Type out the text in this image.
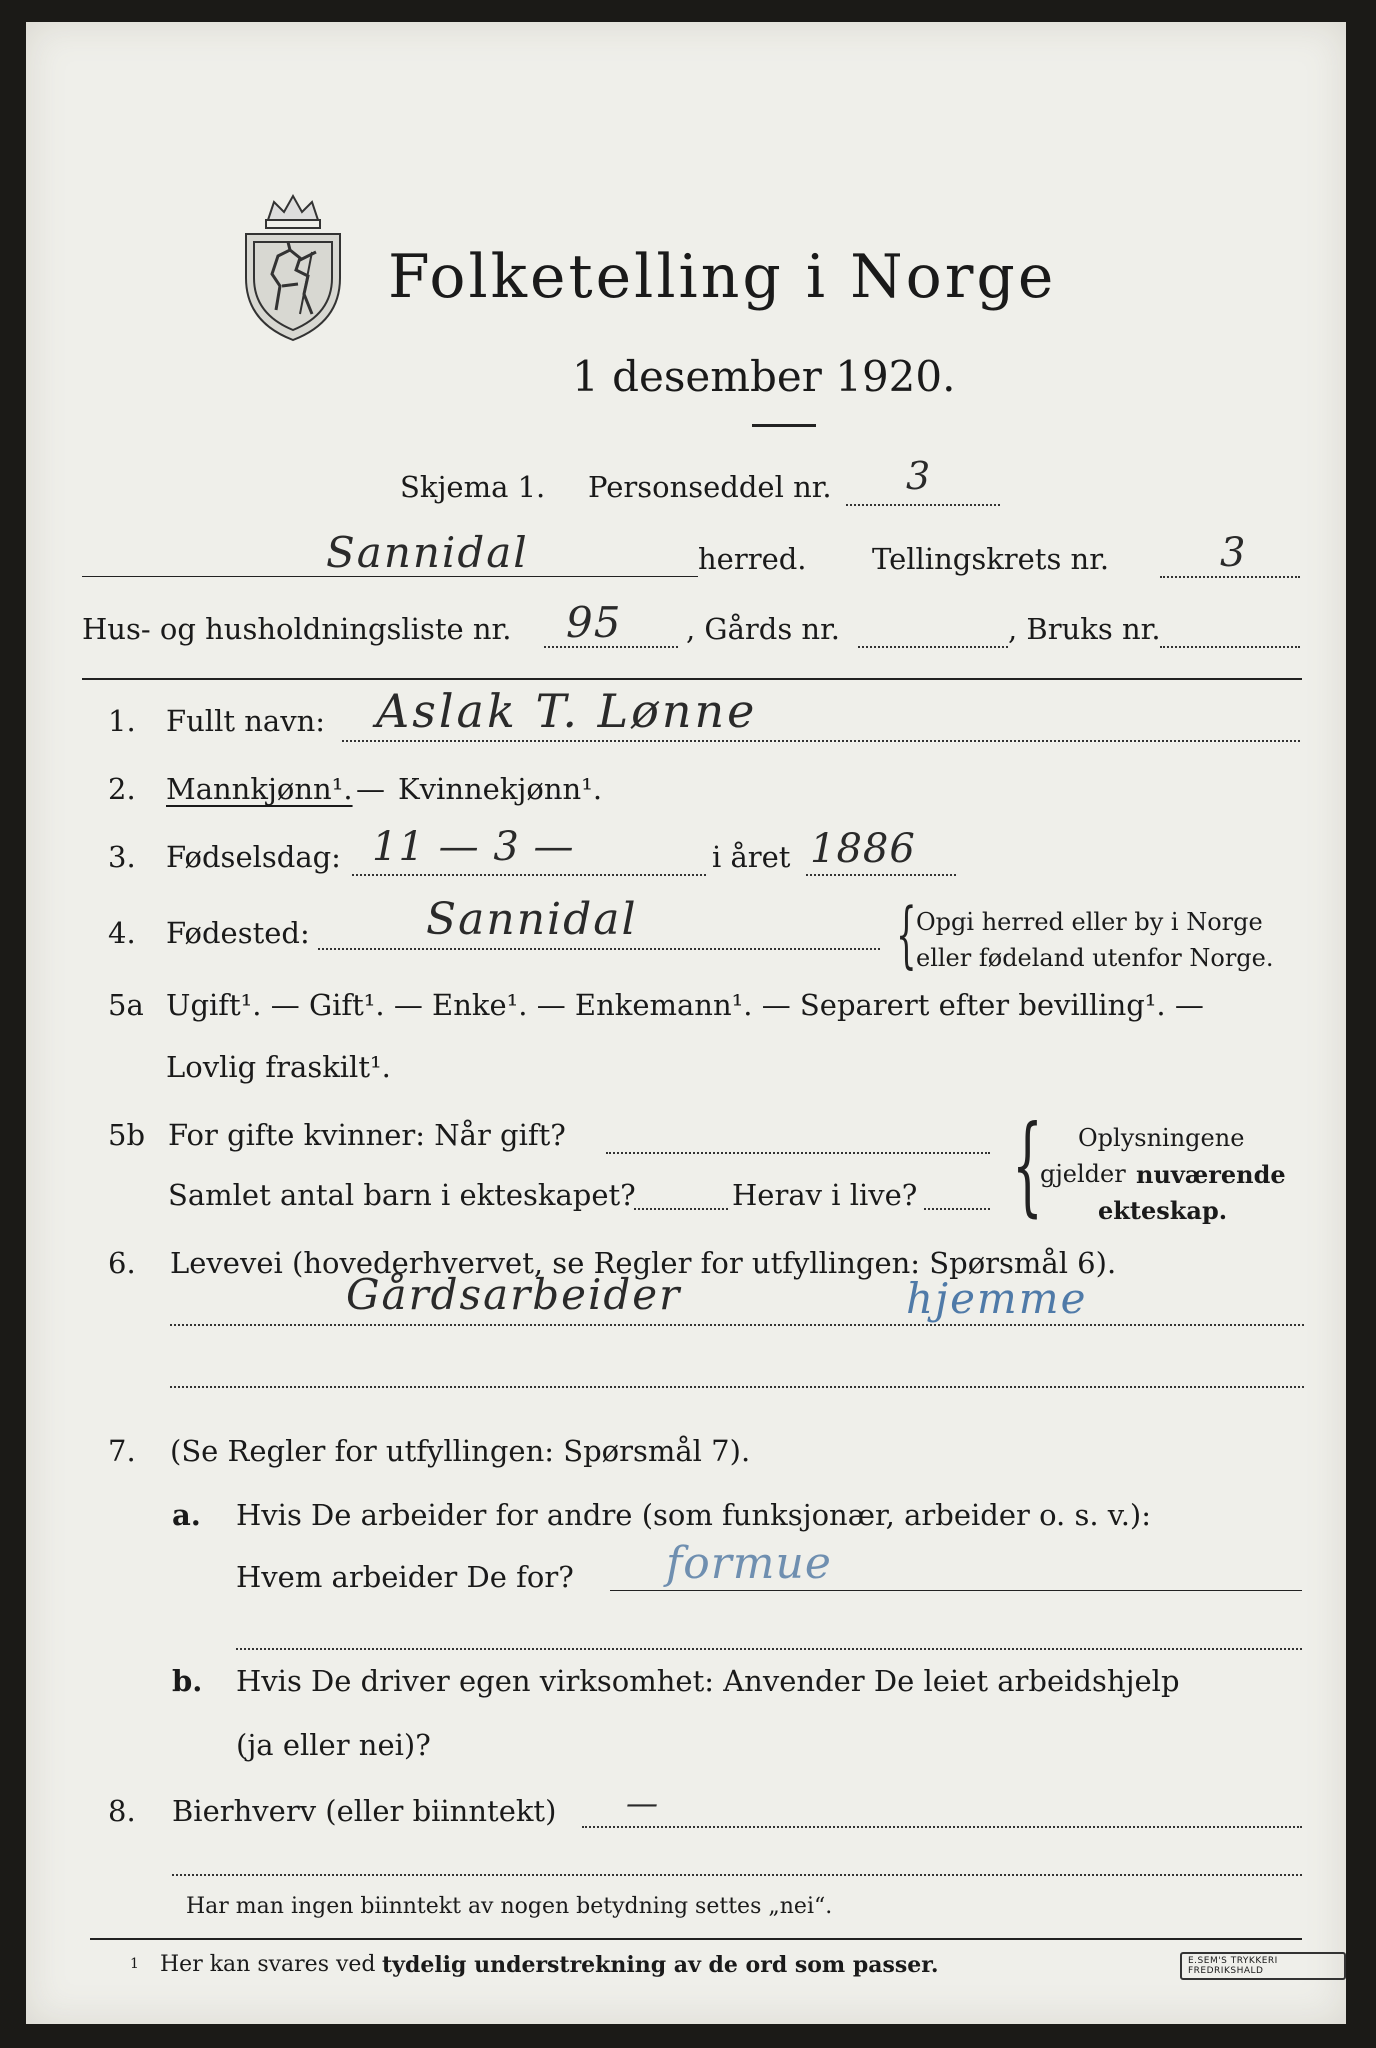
Folketelling i Norge
1 desember 1920.
Skjema 1. Personseddel nr. 3
Sannidal	herred. Tellingskrets nr.	3
Hus- og husholdningsliste nr. 95 , Gårds nr.	, Bruks nr.
1. Fullt navn: Aslak T. Lønne
2. Mannkjønn¹. — Kvinnekjønn¹.
3. Fødselsdag: 11 — 3 —	i året 1886
4. Fødested:	Sannidal	{ Opgi herred eller by i Norge
eller fødeland utenfor Norge.
5a Ugift¹. — Gift¹. — Enke¹. — Enkemann¹. — Separert efter bevilling¹. —
Lovlig fraskilt¹.
5b For gifte kvinner: Når gift?
Samlet antal barn i ekteskapet?	Herav i live? { Oplysningene
gjelder nuværende
ekteskap.
6. Levevei (hovederhvervet, se Regler for utfyllingen: Spørsmål 6).
Gårdsarbeider	hjemme
7. (Se Regler for utfyllingen: Spørsmål 7).
a. Hvis De arbeider for andre (som funksjonær, arbeider o. s. v.):
Hvem arbeider De for? formue
b. Hvis De driver egen virksomhet: Anvender De leiet arbeidshjelp
(ja eller nei)?
8. Bierhverv (eller biinntekt) —
Har man ingen biinntekt av nogen betydning settes „nei“.
1 Her kan svares ved tydelig understrekning av de ord som passer.	E.SEM'S TRYKKERI FREDRIKSHALD
